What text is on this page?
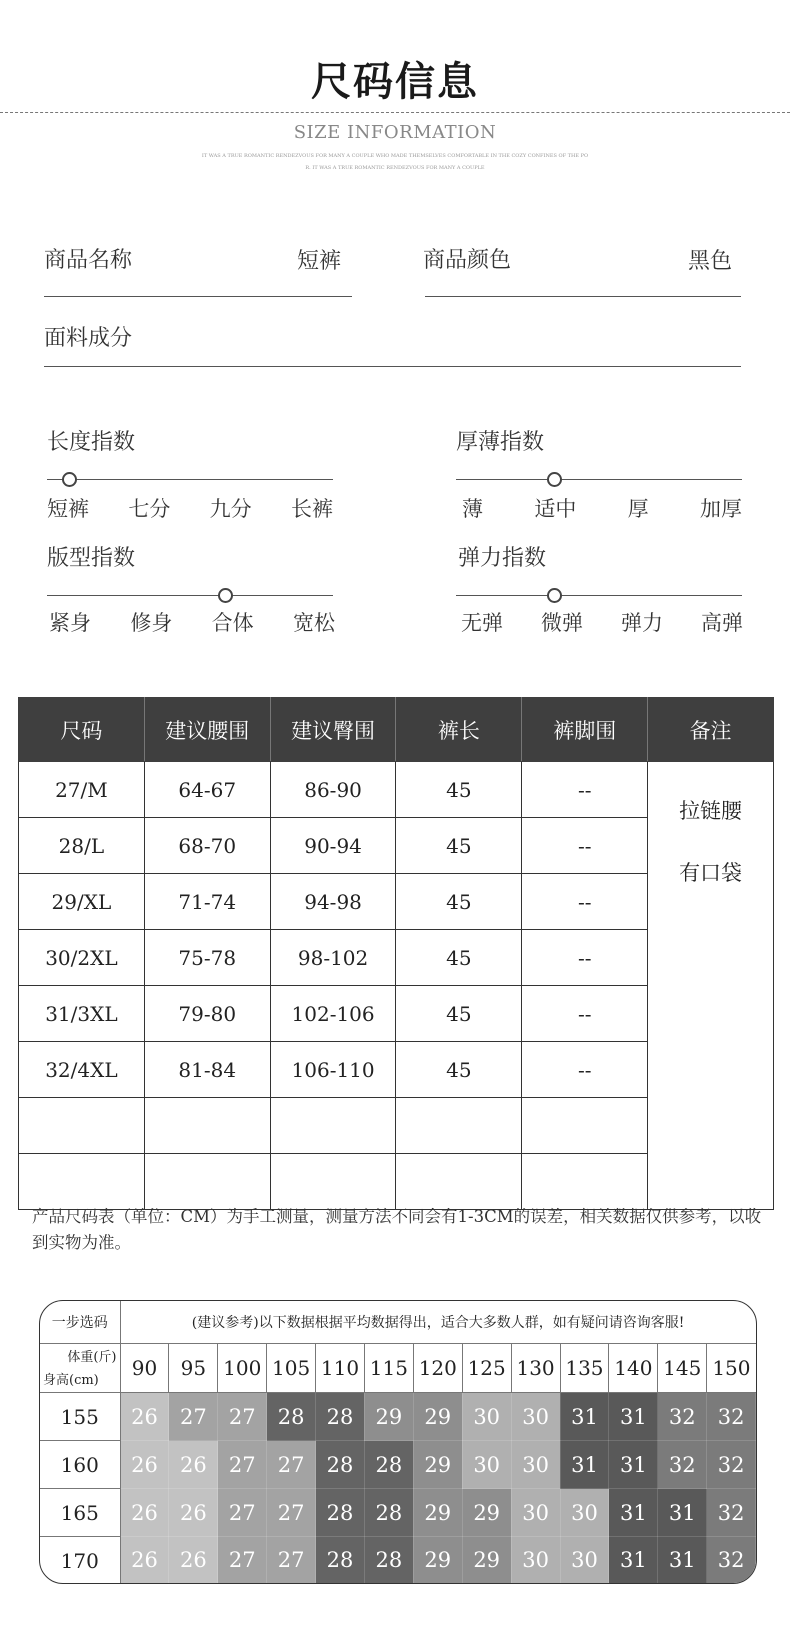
尺码信息
SIZE INFORMATION
IT WAS A TRUE ROMANTIC RENDEZVOUS FOR MANY A COUPLE WHO MADE THEMSELVES COMFORTABLE IN THE COZY CONFINES OF THE PO
R. IT WAS A TRUE ROMANTIC RENDEZVOUS FOR MANY A COUPLE
商品名称	短裤	商品颜色	黑色
面料成分
长度指数
短裤 七分 九分 长裤
厚薄指数
薄 适中 厚 加厚
版型指数
紧身 修身 合体 宽松
弹力指数
无弹 微弹 弹力 高弹
尺码	建议腰围	建议臀围	裤长	裤脚围	备注
27/M	64-67	86-90	45	--	拉链腰
有口袋

28/L	68-70	90-94	45	--	
29/XL	71-74	94-98	45	--	
30/2XL	75-78	98-102	45	--	
31/3XL	79-80	102-106	45	--	
32/4XL	81-84	106-110	45	--	

产品尺码表（单位：CM）为手工测量，测量方法不同会有1-3CM的误差，相关数据仅供参考，以收到实物为准。
一步选码	(建议参考)以下数据根据平均数据得出，适合大多数人群，如有疑问请咨询客服!												

体重(斤)
身高(cm)	90	95	100	105	110	115	120	125	130	135	140	145	150
155	26	27	27	28	28	29	29	30	30	31	31	32	32
160	26	26	27	27	28	28	29	30	30	31	31	32	32
165	26	26	27	27	28	28	29	29	30	30	31	31	32
170	26	26	27	27	28	28	29	29	30	30	31	31	32
